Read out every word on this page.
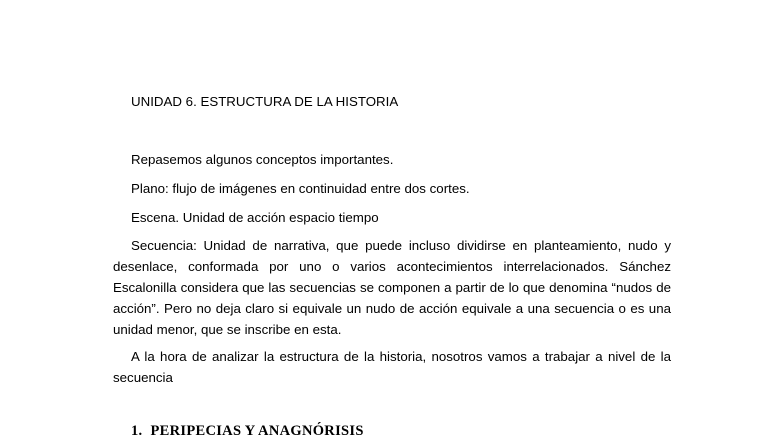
UNIDAD 6. ESTRUCTURA DE LA HISTORIA

Repasemos algunos conceptos importantes.

Plano: flujo de imágenes en continuidad entre dos cortes.

Escena. Unidad de acción espacio tiempo

Secuencia: Unidad de narrativa, que puede incluso dividirse en planteamiento, nudo y desenlace, conformada por uno o varios acontecimientos interrelacionados. Sánchez Escalonilla considera que las secuencias se componen a partir de lo que denomina “nudos de acción”. Pero no deja claro si equivale un nudo de acción equivale a una secuencia o es una unidad menor, que se inscribe en esta.

A la hora de analizar la estructura de la historia, nosotros vamos a trabajar a nivel de la secuencia

1. PERIPECIAS Y ANAGNÓRISIS
